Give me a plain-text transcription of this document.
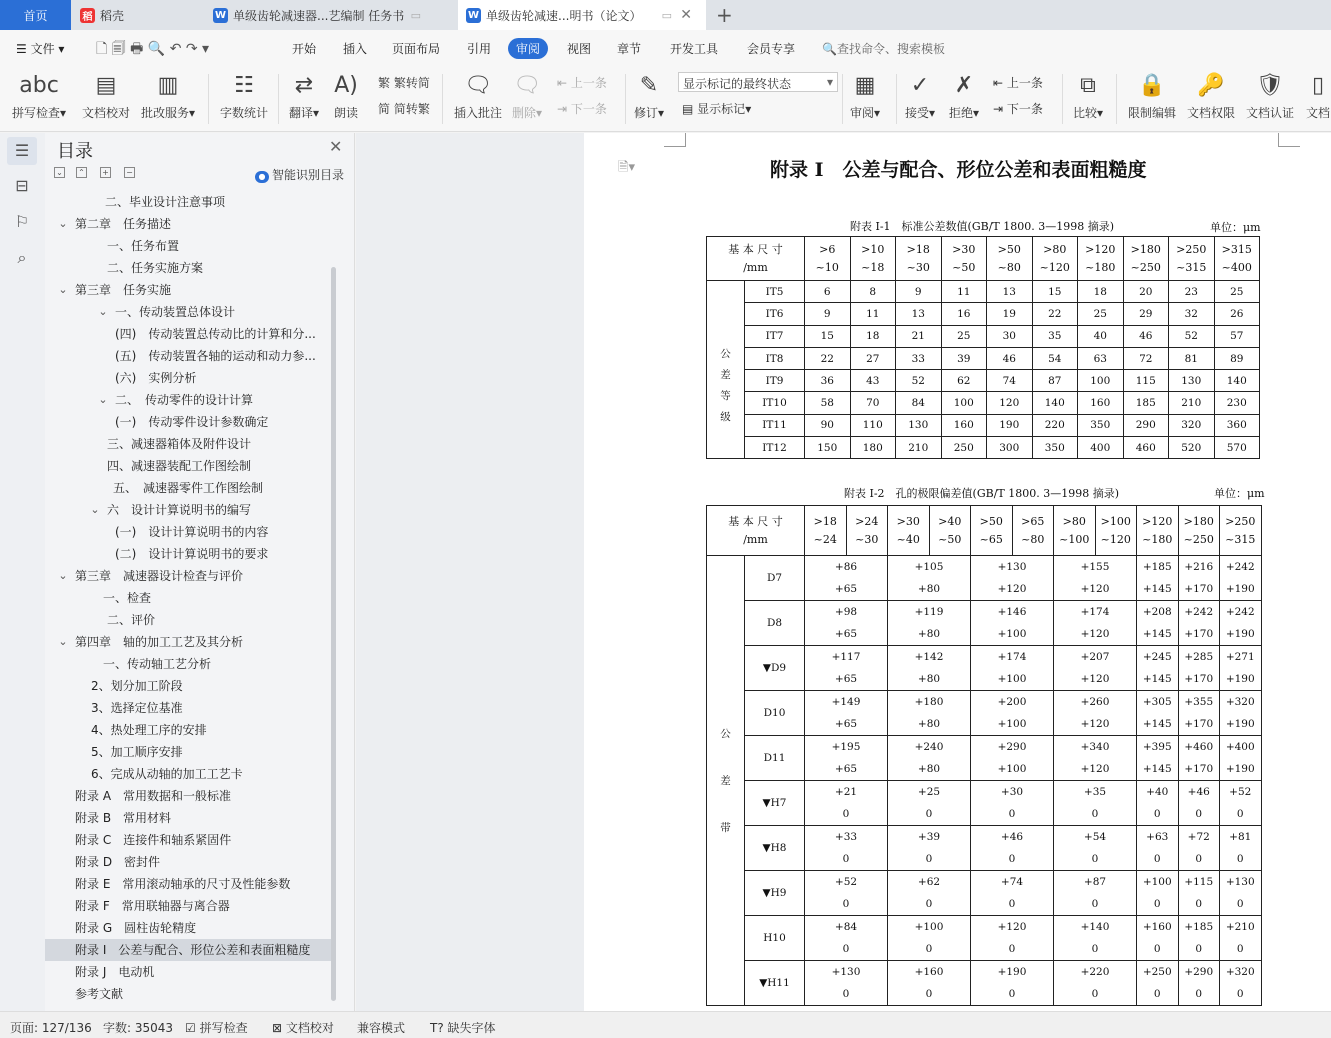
首页	稻 稻壳	W 单级齿轮减速器...艺编制 任务书 ▭	W 单级齿轮减速...明书（论文） ▭ ✕ +
☰ 文件 ▾ 🗋 🗐 🖶 🔍 ↶ ↷ ▾	开始 插入 页面布局 引用	审阅	视图 章节 开发工具 会员专享 🔍查找命令、搜索模板
abc
拼写检查▾
▤
文档校对
▥
批改服务▾
☷
字数统计
⇄
翻译▾
A)
朗读
繁 繁转简
简 简转繁
🗨
插入批注
🗨
删除▾
⇤ 上一条
⇥ 下一条
✎
修订▾
显示标记的最终状态 ▾
▤ 显示标记▾
▦
审阅▾
✓
接受▾
✗
拒绝▾
⇤ 上一条
⇥ 下一条
⧉
比较▾
🔒
限制编辑
🔑
文档权限
🛡
文档认证
▯
文档
☰
⊟
⚐
⌕
目录	✕
⌄ ⌃ + −	● 智能识别目录
二、毕业设计注意事项
⌄ 第二章　任务描述
一、任务布置
二、任务实施方案
⌄ 第三章　任务实施
⌄ 一、传动装置总体设计
(四)　传动装置总传动比的计算和分...
(五)　传动装置各轴的运动和动力参...
(六)　实例分析
⌄ 二、　传动零件的设计计算
(一)　传动零件设计参数确定
三、减速器箱体及附件设计
四、减速器装配工作图绘制
五、　减速器零件工作图绘制
⌄ 六　设计计算说明书的编写
(一)　设计计算说明书的内容
(二)　设计计算说明书的要求
⌄ 第三章　减速器设计检查与评价
一、检查
二、评价
⌄ 第四章　轴的加工工艺及其分析
一、传动轴工艺分析
2、划分加工阶段
3、选择定位基准
4、热处理工序的安排
5、加工顺序安排
6、完成从动轴的加工工艺卡
附录 A　常用数据和一般标准
附录 B　常用材料
附录 C　连接件和轴系紧固件
附录 D　密封件
附录 E　常用滚动轴承的尺寸及性能参数
附录 F　常用联轴器与离合器
附录 G　圆柱齿轮精度
附录 I　公差与配合、形位公差和表面粗糙度
附录 J　电动机
参考文献
🗎▾	附录 I　公差与配合、形位公差和表面粗糙度
附表 I-1　标准公差数值(GB/T 1800. 3—1998 摘录)	单位：μm
基 本 尺 寸
/mm		>6
~10	>10
~18	>18
~30	>30
~50	>50
~80	>80
~120	>120
~180	>180
~250	>250
~315	>315
~400

公
差
等
级	IT5	6	8	9	11	13	15	18	20	23	25
	IT6	9	11	13	16	19	22	25	29	32	26
	IT7	15	18	21	25	30	35	40	46	52	57
	IT8	22	27	33	39	46	54	63	72	81	89
	IT9	36	43	52	62	74	87	100	115	130	140
	IT10	58	70	84	100	120	140	160	185	210	230
	IT11	90	110	130	160	190	220	350	290	320	360
	IT12	150	180	210	250	300	350	400	460	520	570
附表 I-2　孔的极限偏差值(GB/T 1800. 3—1998 摘录)	单位：μm
基 本 尺 寸
/mm		>18
~24	>24
~30	>30
~40	>40
~50	>50
~65	>65
~80	>80
~100	>100
~120	>120
~180	>180
~250	>250
~315

公
差
带	D7	+86
+65		+105
+80		+130
+120		+155
+120		+185
+145	+216
+170	+242
+190

	D8	+98
+65		+119
+80		+146
+100		+174
+120		+208
+145	+242
+170	+242
+190

	▼D9	+117
+65		+142
+80		+174
+100		+207
+120		+245
+145	+285
+170	+271
+190

	D10	+149
+65		+180
+80		+200
+100		+260
+120		+305
+145	+355
+170	+320
+190

	D11	+195
+65		+240
+80		+290
+100		+340
+120		+395
+145	+460
+170	+400
+190

	▼H7	+21
0		+25
0		+30
0		+35
0		+40
0	+46
0	+52
0

	▼H8	+33
0		+39
0		+46
0		+54
0		+63
0	+72
0	+81
0

	▼H9	+52
0		+62
0		+74
0		+87
0		+100
0	+115
0	+130
0

	H10	+84
0		+100
0		+120
0		+140
0		+160
0	+185
0	+210
0

	▼H11	+130
0		+160
0		+190
0		+220
0		+250
0	+290
0	+320
0
页面: 127/136 字数: 35043 ☑ 拼写检查 ⊠ 文档校对 兼容模式 T? 缺失字体
